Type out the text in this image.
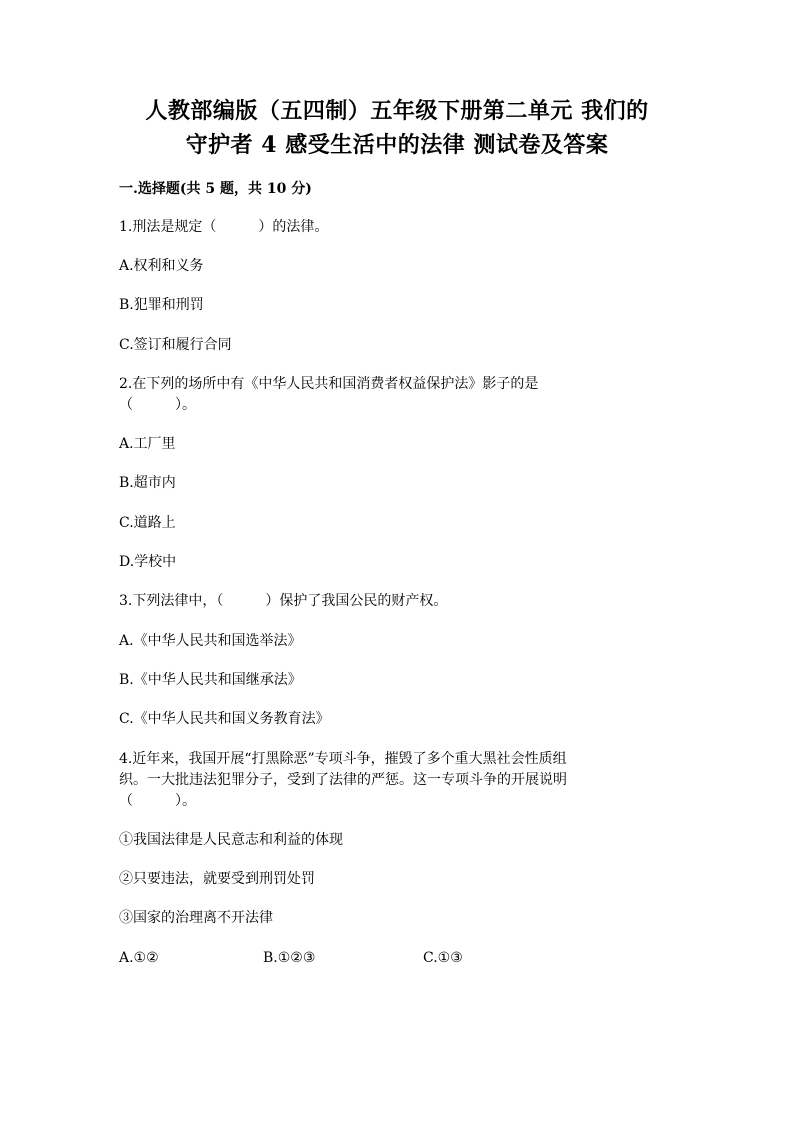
人教部编版（五四制）五年级下册第二单元 我们的
守护者 4 感受生活中的法律 测试卷及答案
一.选择题(共 5 题，共 10 分)
1.刑法是规定（　　　）的法律。
A.权利和义务
B.犯罪和刑罚
C.签订和履行合同
2.在下列的场所中有《中华人民共和国消费者权益保护法》影子的是
（　　　）。
A.工厂里
B.超市内
C.道路上
D.学校中
3.下列法律中，（　　　）保护了我国公民的财产权。
A.《中华人民共和国选举法》
B.《中华人民共和国继承法》
C.《中华人民共和国义务教育法》
4.近年来，我国开展“打黑除恶”专项斗争，摧毁了多个重大黑社会性质组
织。一大批违法犯罪分子，受到了法律的严惩。这一专项斗争的开展说明
（　　　）。
①我国法律是人民意志和利益的体现
②只要违法，就要受到刑罚处罚
③国家的治理离不开法律
A.①②	B.①②③	C.①③
